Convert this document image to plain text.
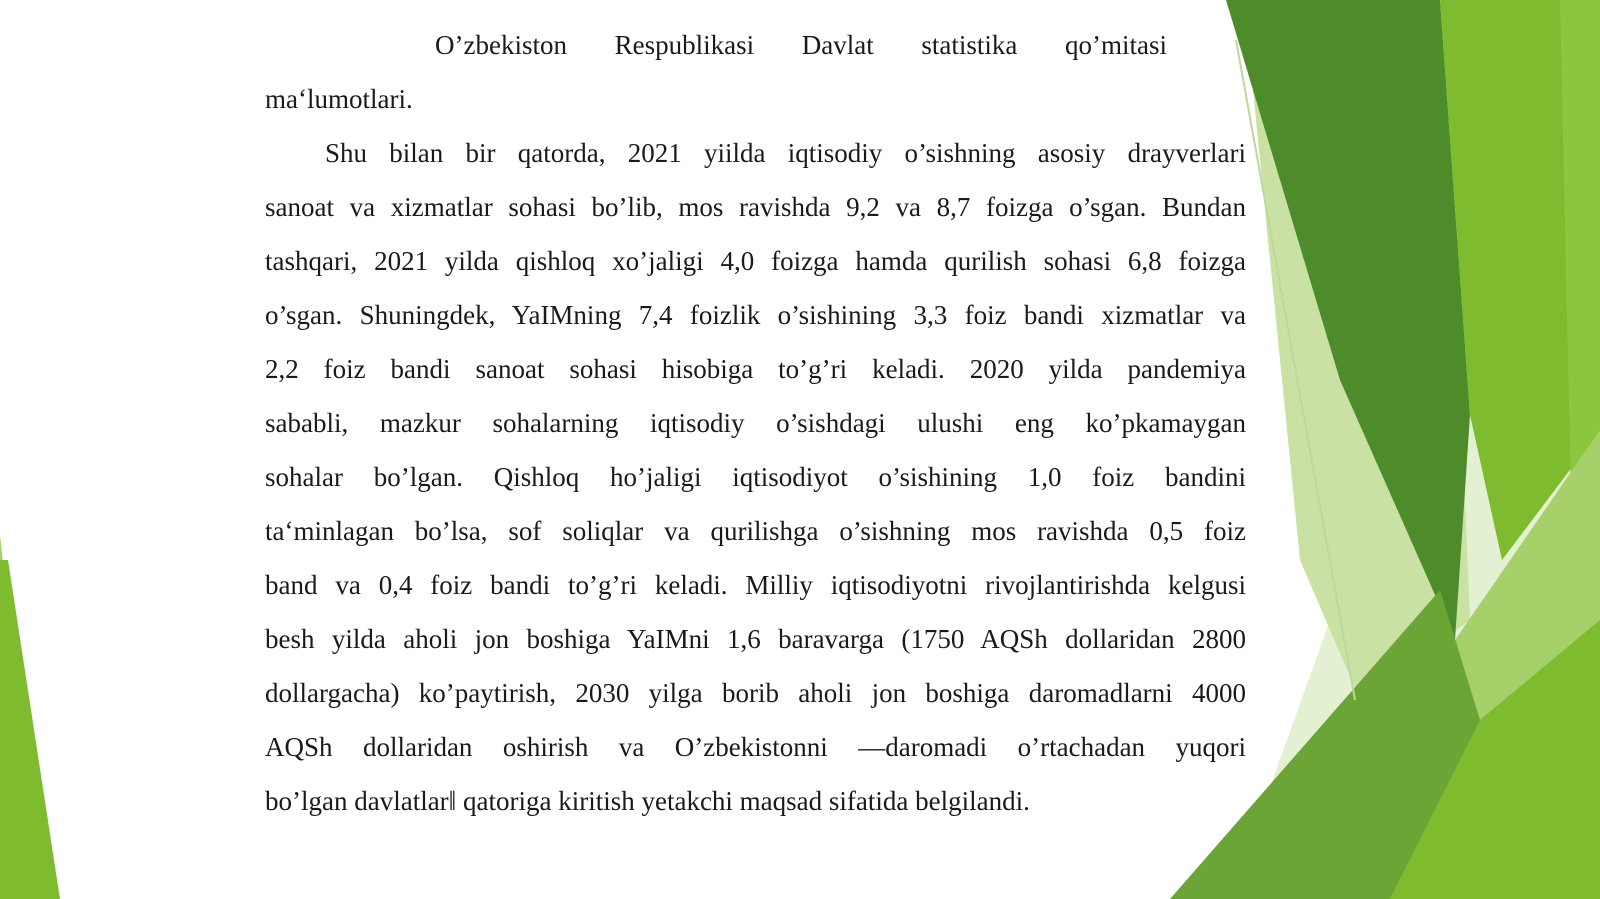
O’zbekiston Respublikasi Davlat statistika qo’mitasi
ma‘lumotlari.
Shu bilan bir qatorda, 2021 yiilda iqtisodiy o’sishning asosiy drayverlari
sanoat va xizmatlar sohasi bo’lib, mos ravishda 9,2 va 8,7 foizga o’sgan. Bundan
tashqari, 2021 yilda qishloq xo’jaligi 4,0 foizga hamda qurilish sohasi 6,8 foizga
o’sgan. Shuningdek, YaIMning 7,4 foizlik o’sishining 3,3 foiz bandi xizmatlar va
2,2 foiz bandi sanoat sohasi hisobiga to’g’ri keladi. 2020 yilda pandemiya
sababli, mazkur sohalarning iqtisodiy o’sishdagi ulushi eng ko’pkamaygan
sohalar bo’lgan. Qishloq ho’jaligi iqtisodiyot o’sishining 1,0 foiz bandini
ta‘minlagan bo’lsa, sof soliqlar va qurilishga o’sishning mos ravishda 0,5 foiz
band va 0,4 foiz bandi to’g’ri keladi. Milliy iqtisodiyotni rivojlantirishda kelgusi
besh yilda aholi jon boshiga YaIMni 1,6 baravarga (1750 AQSh dollaridan 2800
dollargacha) ko’paytirish, 2030 yilga borib aholi jon boshiga daromadlarni 4000
AQSh dollaridan oshirish va O’zbekistonni ―daromadi o’rtachadan yuqori
bo’lgan davlatlar‖ qatoriga kiritish yetakchi maqsad sifatida belgilandi.
